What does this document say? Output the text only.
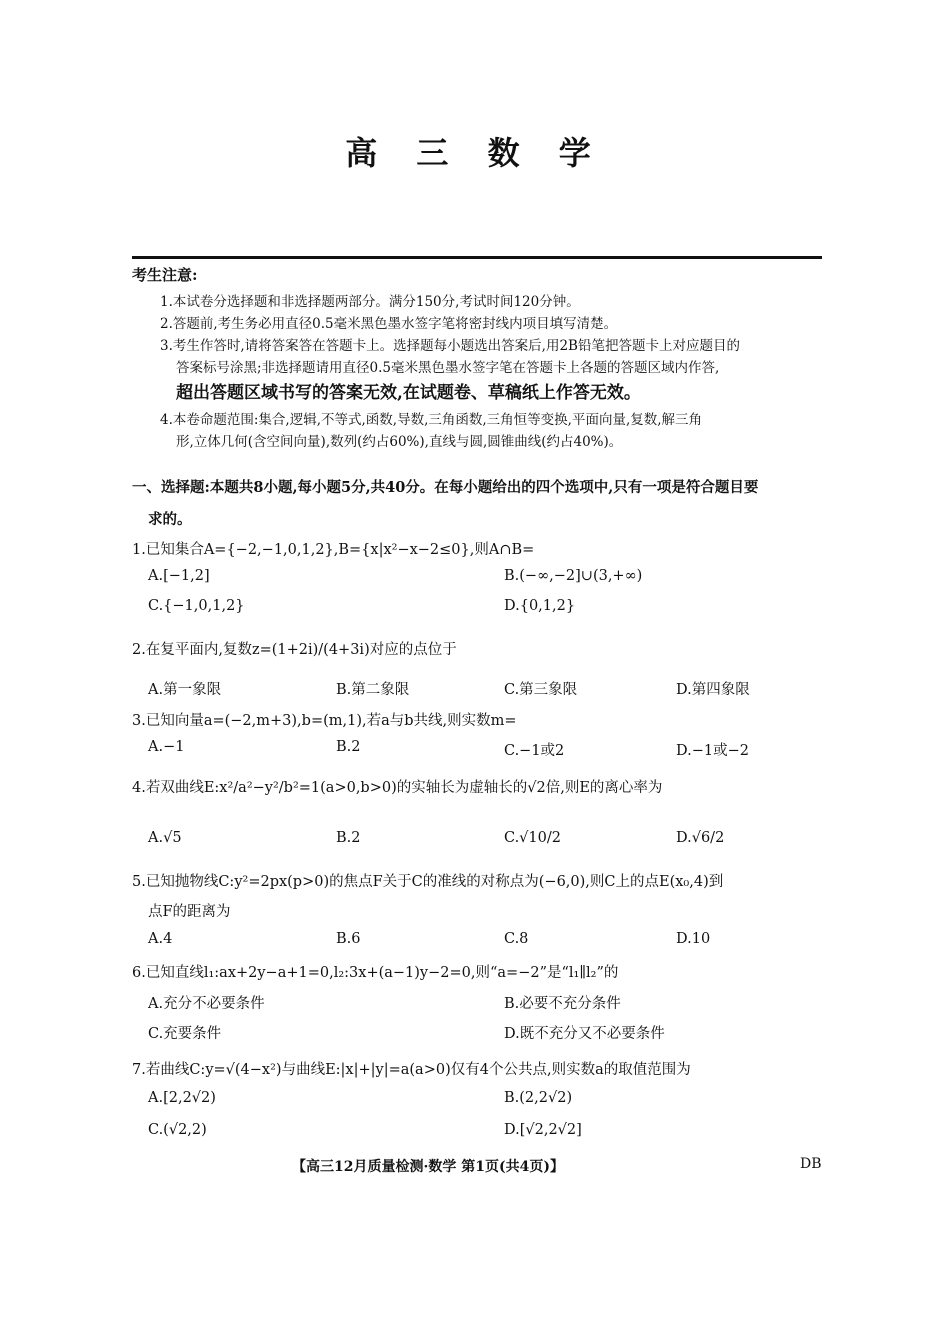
高 三 数 学
考生注意:
1.本试卷分选择题和非选择题两部分。满分150分,考试时间120分钟。
2.答题前,考生务必用直径0.5毫米黑色墨水签字笔将密封线内项目填写清楚。
3.考生作答时,请将答案答在答题卡上。选择题每小题选出答案后,用2B铅笔把答题卡上对应题目的
答案标号涂黑;非选择题请用直径0.5毫米黑色墨水签字笔在答题卡上各题的答题区域内作答,
超出答题区域书写的答案无效,在试题卷、草稿纸上作答无效。
4.本卷命题范围:集合,逻辑,不等式,函数,导数,三角函数,三角恒等变换,平面向量,复数,解三角
形,立体几何(含空间向量),数列(约占60%),直线与圆,圆锥曲线(约占40%)。
一、选择题:本题共8小题,每小题5分,共40分。在每小题给出的四个选项中,只有一项是符合题目要
求的。
1.已知集合A={−2,−1,0,1,2},B={x|x²−x−2≤0},则A∩B=
A.[−1,2]	B.(−∞,−2]∪(3,+∞)
C.{−1,0,1,2}	D.{0,1,2}
2.在复平面内,复数z=(1+2i)/(4+3i)对应的点位于
A.第一象限	B.第二象限	C.第三象限	D.第四象限
3.已知向量a=(−2,m+3),b=(m,1),若a与b共线,则实数m=
A.−1	B.2	C.−1或2	D.−1或−2
4.若双曲线E:x²/a²−y²/b²=1(a>0,b>0)的实轴长为虚轴长的√2倍,则E的离心率为
A.√5	B.2	C.√10/2	D.√6/2
5.已知抛物线C:y²=2px(p>0)的焦点F关于C的准线的对称点为(−6,0),则C上的点E(x₀,4)到
点F的距离为
A.4	B.6	C.8	D.10
6.已知直线l₁:ax+2y−a+1=0,l₂:3x+(a−1)y−2=0,则“a=−2”是“l₁∥l₂”的
A.充分不必要条件	B.必要不充分条件
C.充要条件	D.既不充分又不必要条件
7.若曲线C:y=√(4−x²)与曲线E:|x|+|y|=a(a>0)仅有4个公共点,则实数a的取值范围为
A.[2,2√2)	B.(2,2√2)
C.(√2,2)	D.[√2,2√2]
【高三12月质量检测·数学 第1页(共4页)】	DB
